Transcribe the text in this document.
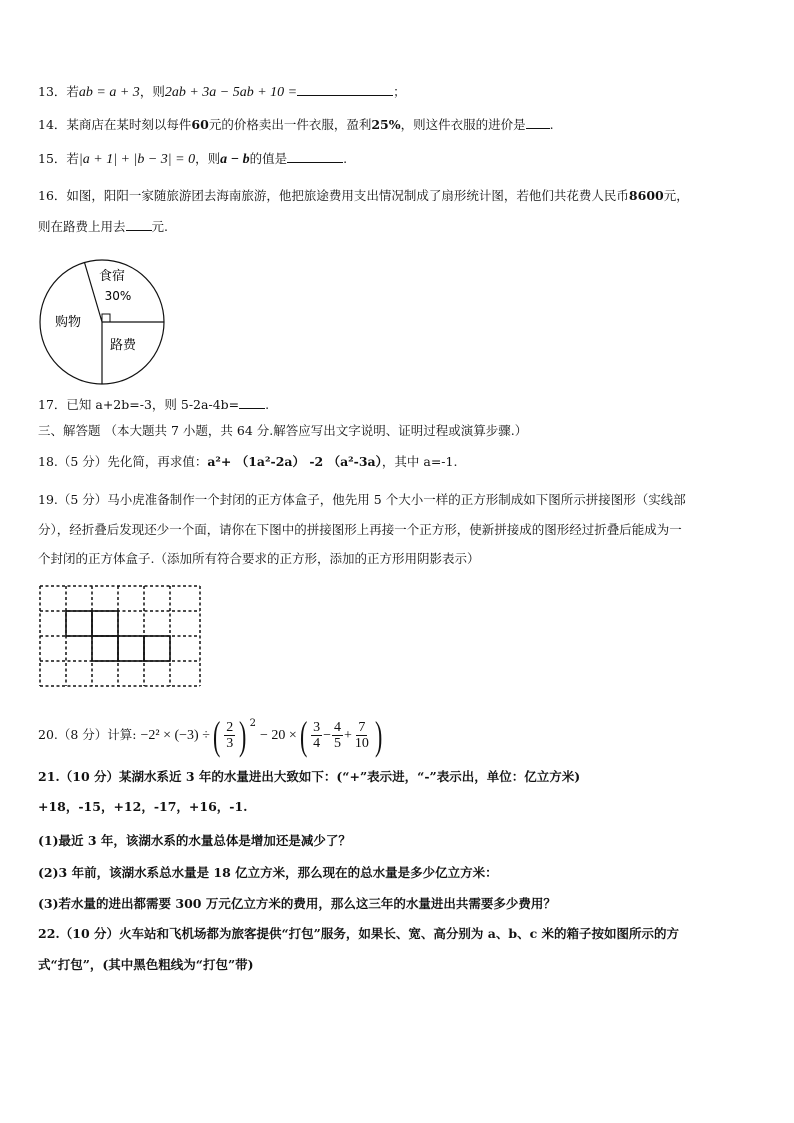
13．若ab = a + 3，则2ab + 3a − 5ab + 10 =	；
14．某商店在某时刻以每件60元的价格卖出一件衣服，盈利25%，则这件衣服的进价是 .
15．若|a + 1| + |b − 3| = 0，则a − b的值是	.
16．如图，阳阳一家随旅游团去海南旅游，他把旅途费用支出情况制成了扇形统计图，若他们共花费人民币8600元，
则在路费上用去 元.
食宿
30%
购物
路费
17．已知 a+2b=-3，则 5-2a-4b= .
三、解答题 （本大题共 7 小题，共 64 分.解答应写出文字说明、证明过程或演算步骤.）
18.（5 分）先化简，再求值：a²+ （1a²-2a） -2 （a²-3a），其中 a=-1.
19.（5 分）马小虎准备制作一个封闭的正方体盒子，他先用 5 个大小一样的正方形制成如下图所示拼接图形（实线部
分），经折叠后发现还少一个面，请你在下图中的拼接图形上再接一个正方形，使新拼接成的图形经过折叠后能成为一
个封闭的正方体盒子.（添加所有符合要求的正方形，添加的正方形用阴影表示）
20.（8 分）计算: −2² × (−3) ÷( $\frac{2}{3}$ ) $^2$ − 20 ×( $\frac{3}{4} - \frac{4}{5} + \frac{7}{10}$ )
21.（10 分）某湖水系近 3 年的水量进出大致如下：(“+”表示进，“-”表示出，单位：亿立方米)
+18，-15，+12，-17，+16，-1.
(1)最近 3 年，该湖水系的水量总体是增加还是减少了？
(2)3 年前，该湖水系总水量是 18 亿立方米，那么现在的总水量是多少亿立方米：
(3)若水量的进出都需要 300 万元亿立方米的费用，那么这三年的水量进出共需要多少费用？
22.（10 分）火车站和飞机场都为旅客提供“打包”服务，如果长、宽、高分别为 a、b、c 米的箱子按如图所示的方
式“打包”，(其中黑色粗线为“打包”带)
